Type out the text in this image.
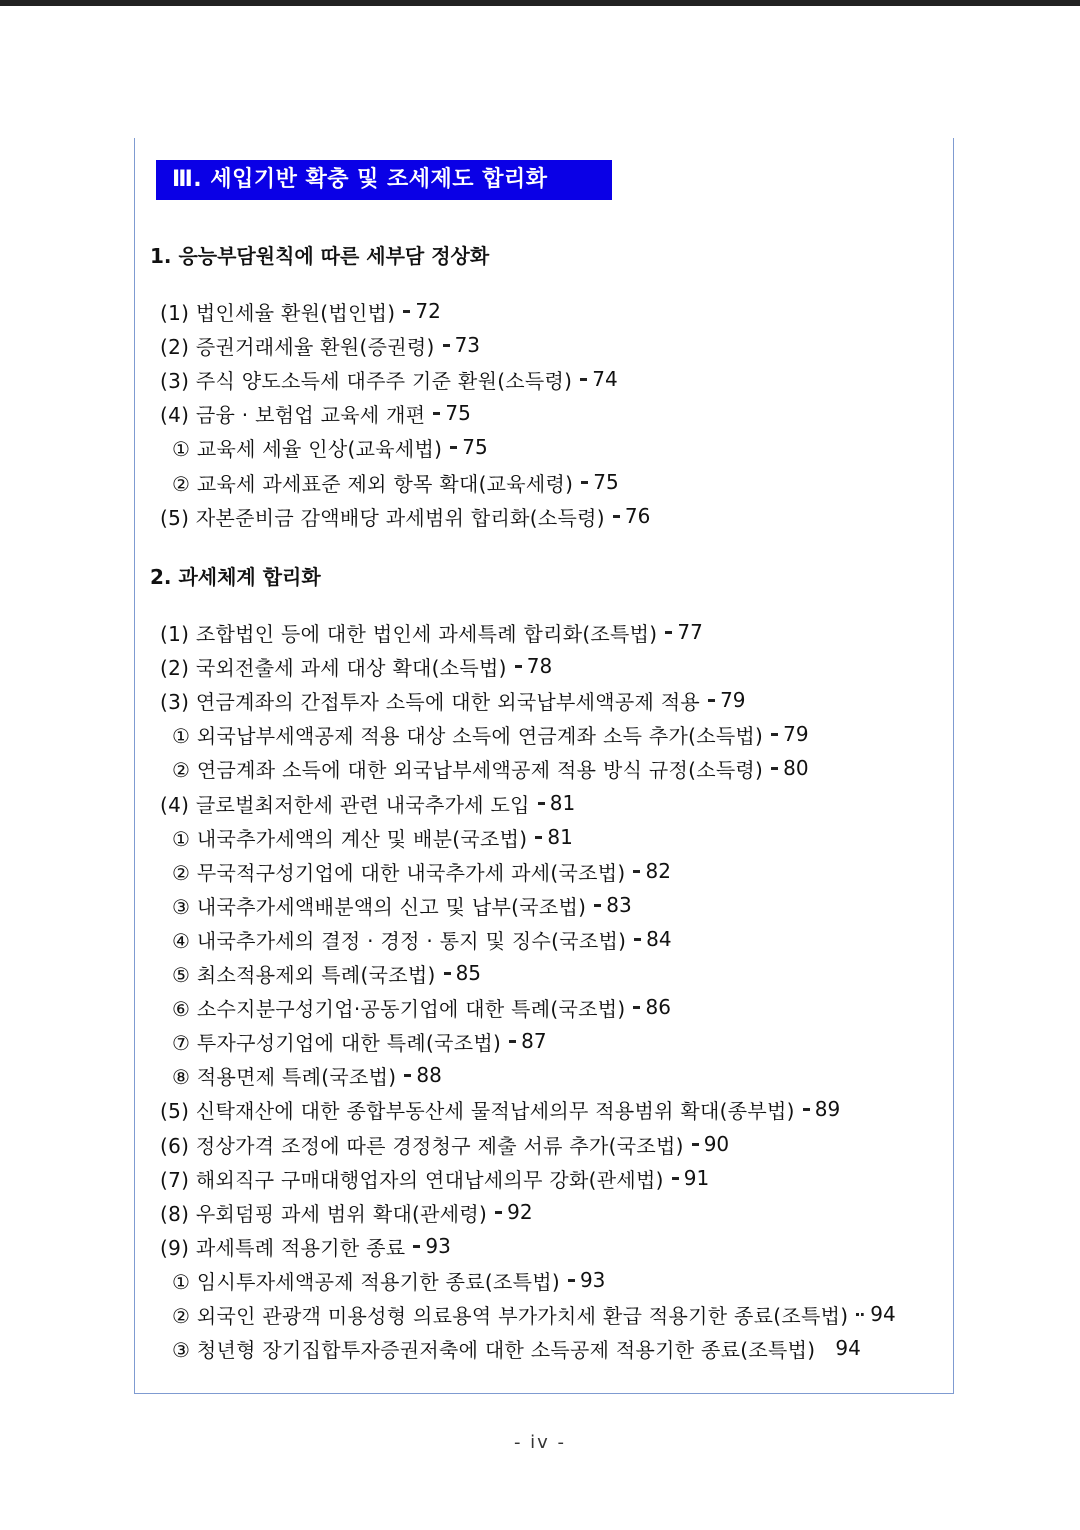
Ⅲ. 세입기반 확충 및 조세제도 합리화
1. 응능부담원칙에 따른 세부담 정상화
2. 과세체계 합리화
(1) 법인세율 환원(법인법)	72
(2) 증권거래세율 환원(증권령)	73
(3) 주식 양도소득세 대주주 기준 환원(소득령)	74
(4) 금융 · 보험업 교육세 개편	75
① 교육세 세율 인상(교육세법)	75
② 교육세 과세표준 제외 항목 확대(교육세령)	75
(5) 자본준비금 감액배당 과세범위 합리화(소득령)	76
(1) 조합법인 등에 대한 법인세 과세특례 합리화(조특법)	77
(2) 국외전출세 과세 대상 확대(소득법)	78
(3) 연금계좌의 간접투자 소득에 대한 외국납부세액공제 적용	79
① 외국납부세액공제 적용 대상 소득에 연금계좌 소득 추가(소득법)	79
② 연금계좌 소득에 대한 외국납부세액공제 적용 방식 규정(소득령)	80
(4) 글로벌최저한세 관련 내국추가세 도입	81
① 내국추가세액의 계산 및 배분(국조법)	81
② 무국적구성기업에 대한 내국추가세 과세(국조법)	82
③ 내국추가세액배분액의 신고 및 납부(국조법)	83
④ 내국추가세의 결정 · 경정 · 통지 및 징수(국조법)	84
⑤ 최소적용제외 특례(국조법)	85
⑥ 소수지분구성기업·공동기업에 대한 특례(국조법)	86
⑦ 투자구성기업에 대한 특례(국조법)	87
⑧ 적용면제 특례(국조법)	88
(5) 신탁재산에 대한 종합부동산세 물적납세의무 적용범위 확대(종부법)	89
(6) 정상가격 조정에 따른 경정청구 제출 서류 추가(국조법)	90
(7) 해외직구 구매대행업자의 연대납세의무 강화(관세법)	91
(8) 우회덤핑 과세 범위 확대(관세령)	92
(9) 과세특례 적용기한 종료	93
① 임시투자세액공제 적용기한 종료(조특법)	93
② 외국인 관광객 미용성형 의료용역 부가가치세 환급 적용기한 종료(조특법)	94
③ 청년형 장기집합투자증권저축에 대한 소득공제 적용기한 종료(조특법)	94
- iv -
